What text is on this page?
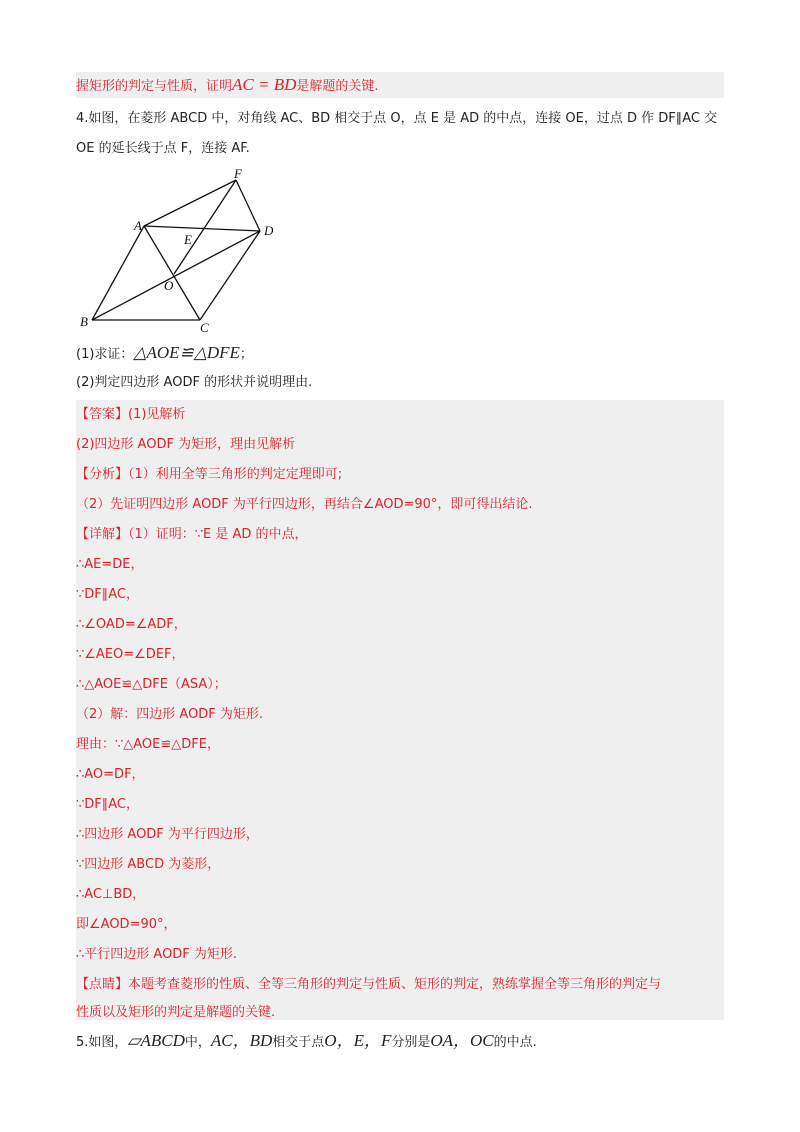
握矩形的判定与性质，证明AC = BD是解题的关键.
4.如图，在菱形 ABCD 中，对角线 AC、BD 相交于点 O，点 E 是 AD 的中点，连接 OE，过点 D 作 DF∥AC 交
OE 的延长线于点 F，连接 AF.
A
B	C
D
E
F
O
(1)求证：△AOE≌△DFE；
(2)判定四边形 AODF 的形状并说明理由.
【答案】(1)见解析
(2)四边形 AODF 为矩形，理由见解析
【分析】（1）利用全等三角形的判定定理即可;
（2）先证明四边形 AODF 为平行四边形，再结合∠AOD=90°，即可得出结论.
【详解】（1）证明：∵E 是 AD 的中点，
∴AE=DE，
∵DF∥AC，
∴∠OAD=∠ADF，
∵∠AEO=∠DEF，
∴△AOE≌△DFE（ASA）；
（2）解：四边形 AODF 为矩形.
理由：∵△AOE≌△DFE，
∴AO=DF，
∵DF∥AC，
∴四边形 AODF 为平行四边形，
∵四边形 ABCD 为菱形，
∴AC⊥BD，
即∠AOD=90°，
∴平行四边形 AODF 为矩形.
【点睛】本题考查菱形的性质、全等三角形的判定与性质、矩形的判定，熟练掌握全等三角形的判定与
性质以及矩形的判定是解题的关键.
5.如图，▱ABCD中，AC，BD相交于点O，E，F分别是OA，OC的中点.
